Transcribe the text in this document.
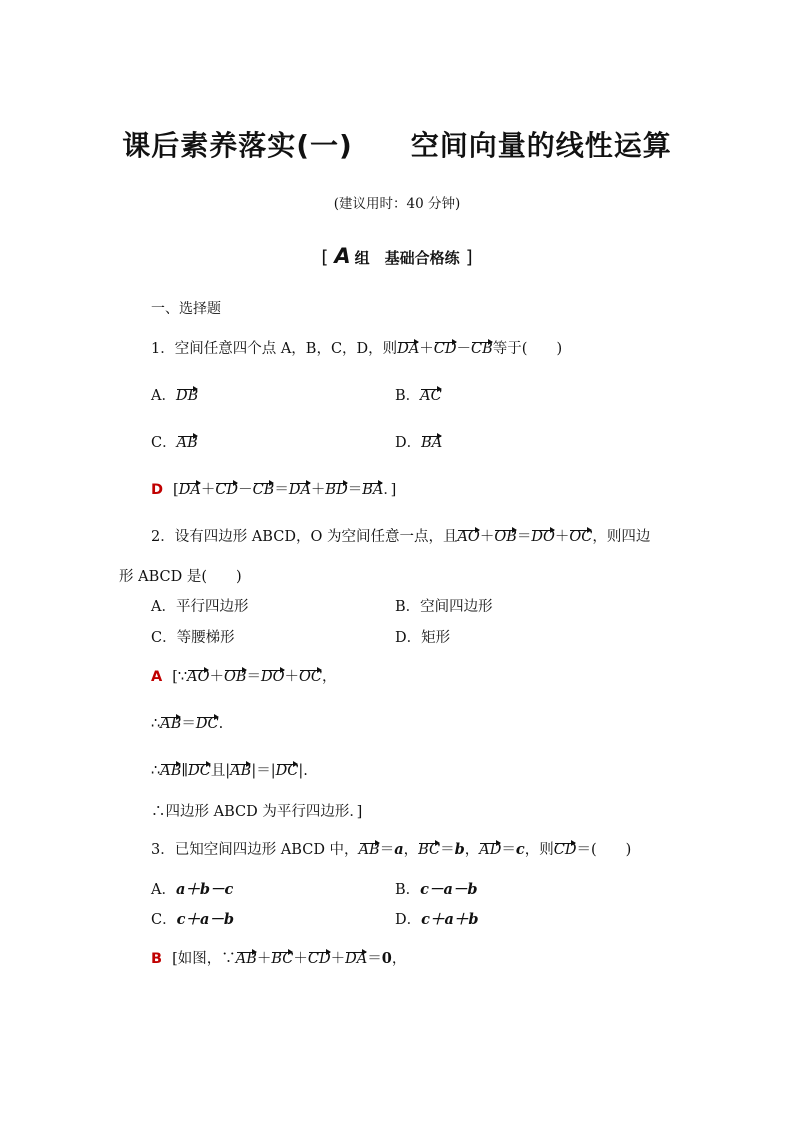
课后素养落实(一) 空间向量的线性运算
(建议用时：40 分钟)
[ A 组　基础合格练 ]
一、选择题
1．空间任意四个点 A，B，C，D，则DA＋CD－CB等于(　　)
A．DB	B．AC
C．AB	D．BA
D [DA＋CD－CB＝DA＋BD＝BA．]
2．设有四边形 ABCD，O 为空间任意一点，且AO＋OB＝DO＋OC，则四边
形 ABCD 是(　　)
A．平行四边形	B．空间四边形
C．等腰梯形	D．矩形
A [∵AO＋OB＝DO＋OC，
∴AB＝DC.
∴AB∥DC且|AB|＝|DC|.
∴四边形 ABCD 为平行四边形．]
3．已知空间四边形 ABCD 中，AB＝a，BC＝b，AD＝c，则CD＝(　　)
A．a＋b－c	B．c－a－b
C．c＋a－b	D．c＋a＋b
B [如图，∵AB＋BC＋CD＋DA＝0，
